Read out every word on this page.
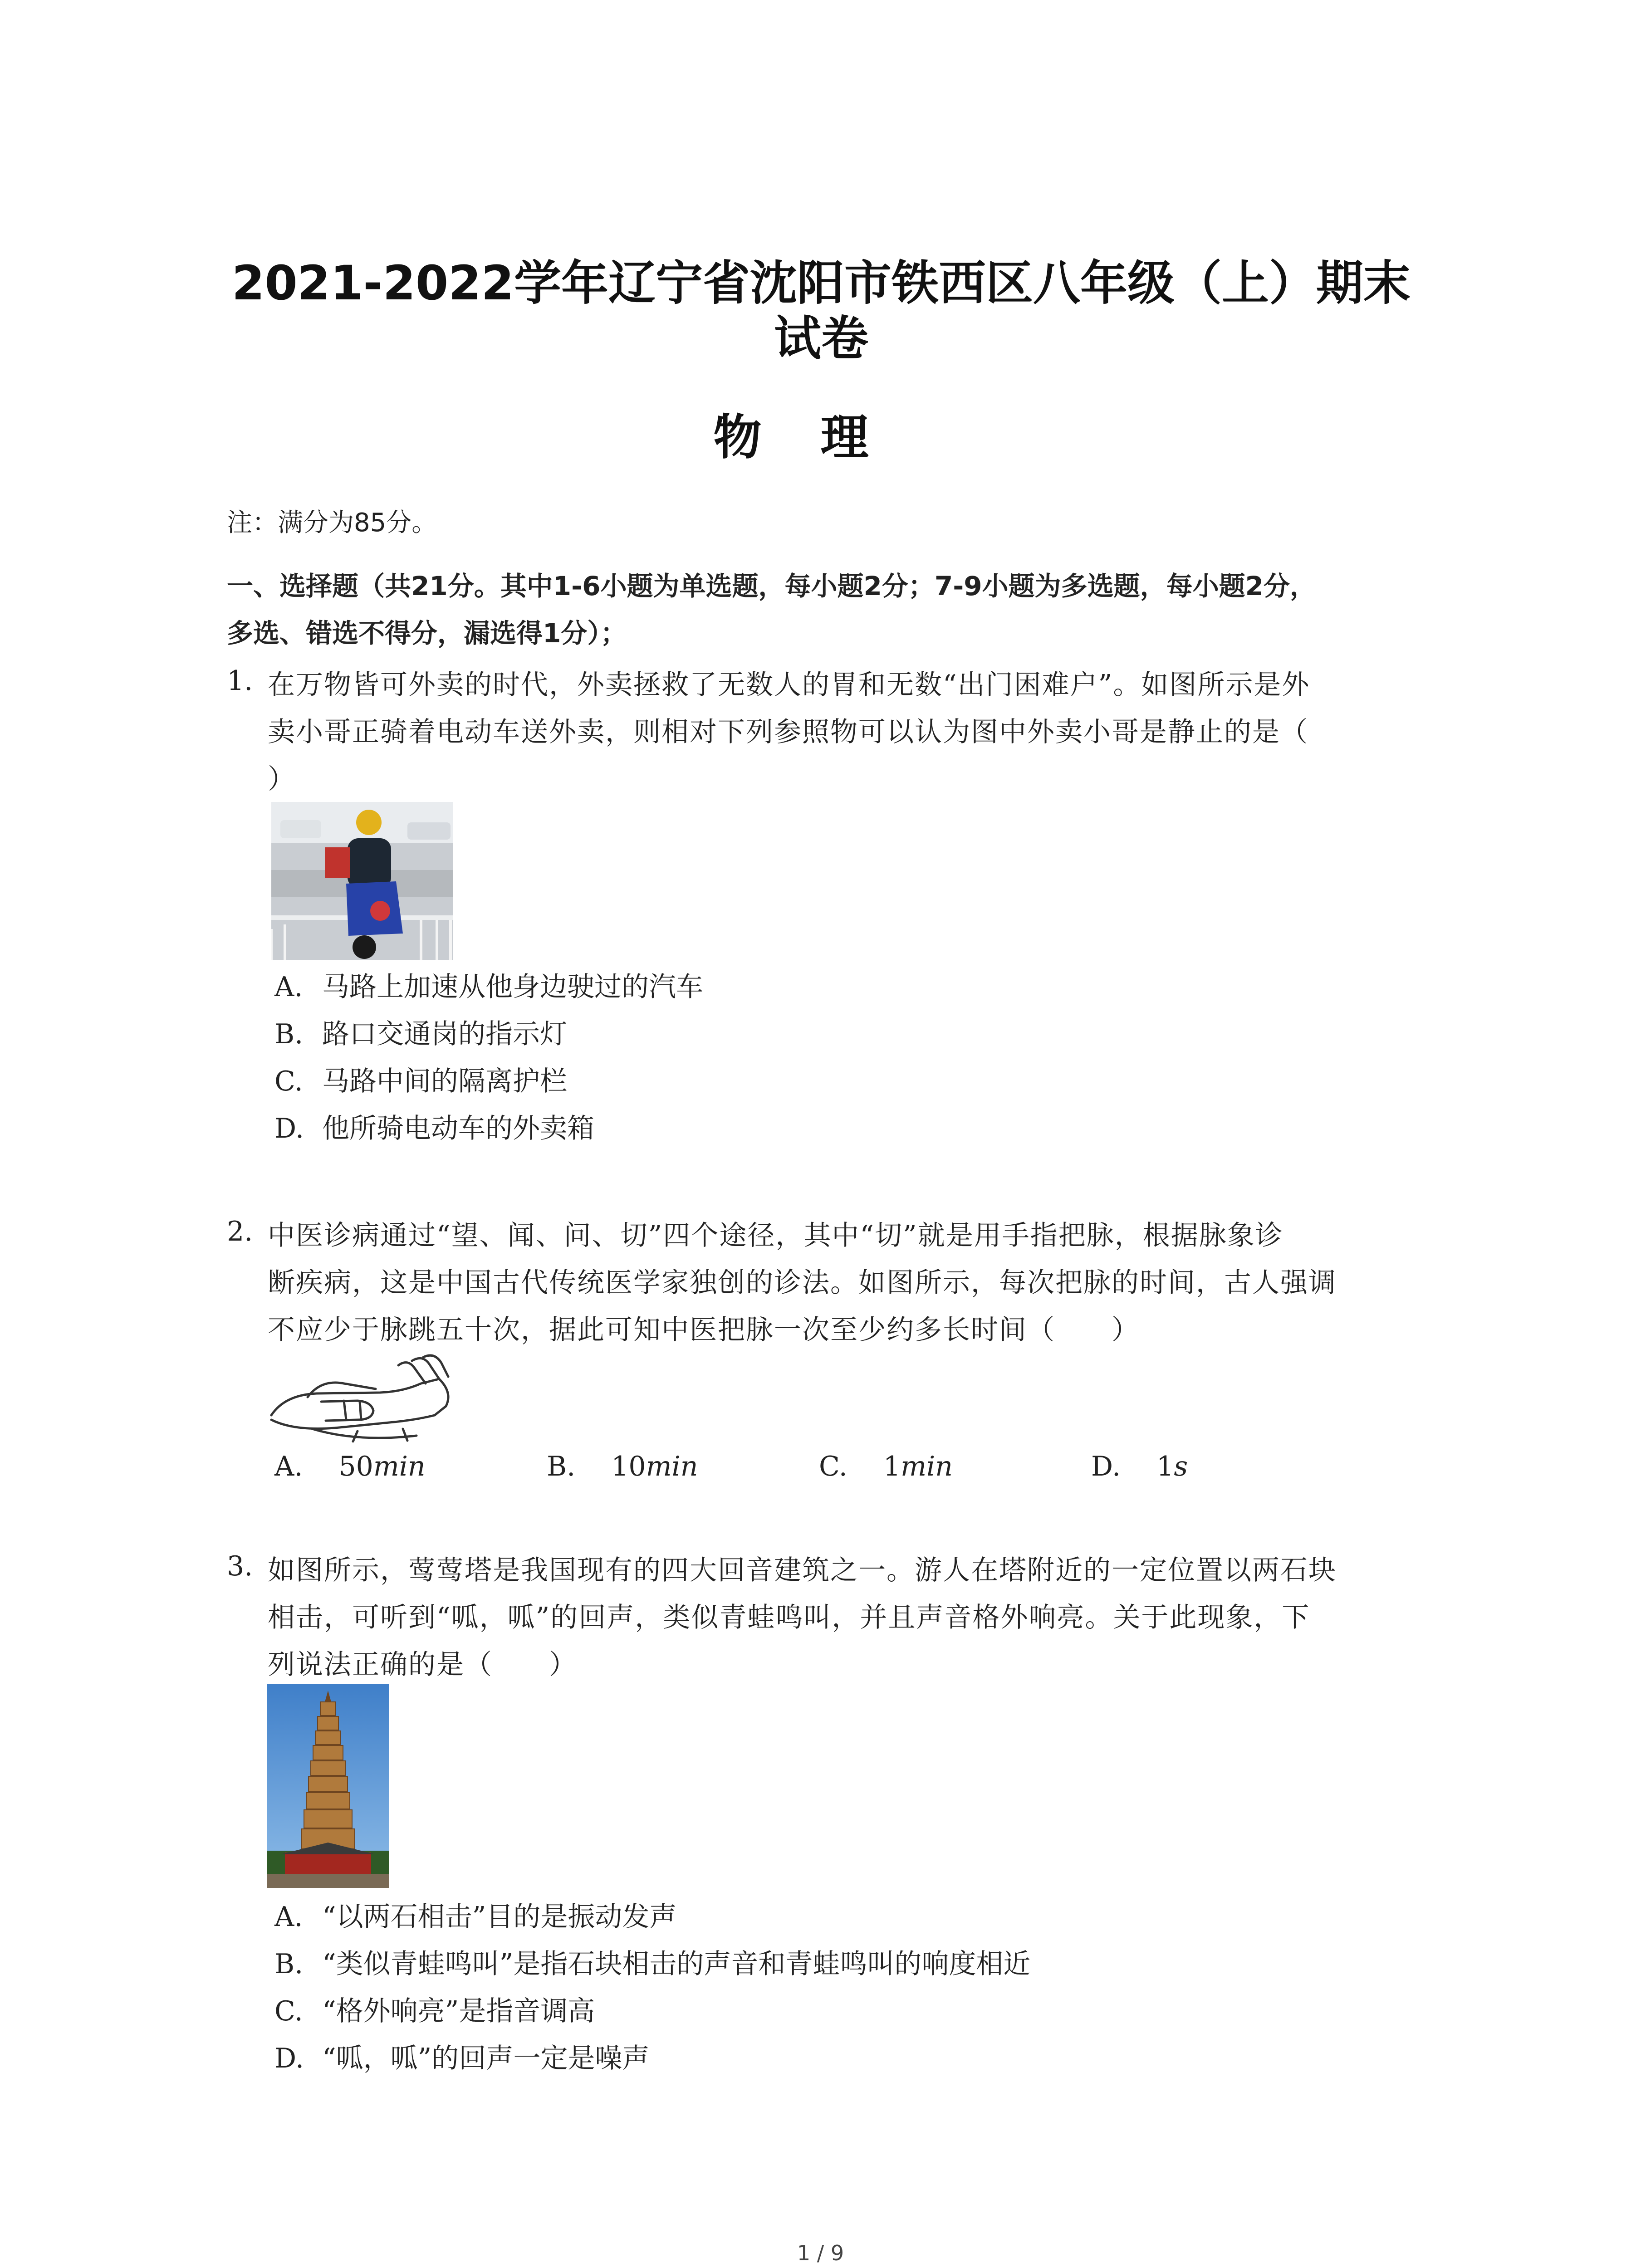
2021-2022学年辽宁省沈阳市铁西区八年级（上）期末
试卷
物理
注：满分为85分。
一、选择题（共21分。其中1-6小题为单选题，每小题2分；7-9小题为多选题，每小题2分，
多选、错选不得分，漏选得1分）；
1. 在万物皆可外卖的时代，外卖拯救了无数人的胃和无数“出门困难户”。如图所示是外
卖小哥正骑着电动车送外卖，则相对下列参照物可以认为图中外卖小哥是静止的是（
）
A. 马路上加速从他身边驶过的汽车
B. 路口交通岗的指示灯
C. 马路中间的隔离护栏
D. 他所骑电动车的外卖箱
2. 中医诊病通过“望、闻、问、切”四个途径，其中“切”就是用手指把脉，根据脉象诊
断疾病，这是中国古代传统医学家独创的诊法。如图所示，每次把脉的时间，古人强调
不应少于脉跳五十次，据此可知中医把脉一次至少约多长时间（　　）
A. 50min	B. 10min	C. 1min	D. 1s
3. 如图所示，莺莺塔是我国现有的四大回音建筑之一。游人在塔附近的一定位置以两石块
相击，可听到“呱，呱”的回声，类似青蛙鸣叫，并且声音格外响亮。关于此现象，下
列说法正确的是（　　）
A. “以两石相击”目的是振动发声
B. “类似青蛙鸣叫”是指石块相击的声音和青蛙鸣叫的响度相近
C. “格外响亮”是指音调高
D. “呱，呱”的回声一定是噪声
1 / 9
